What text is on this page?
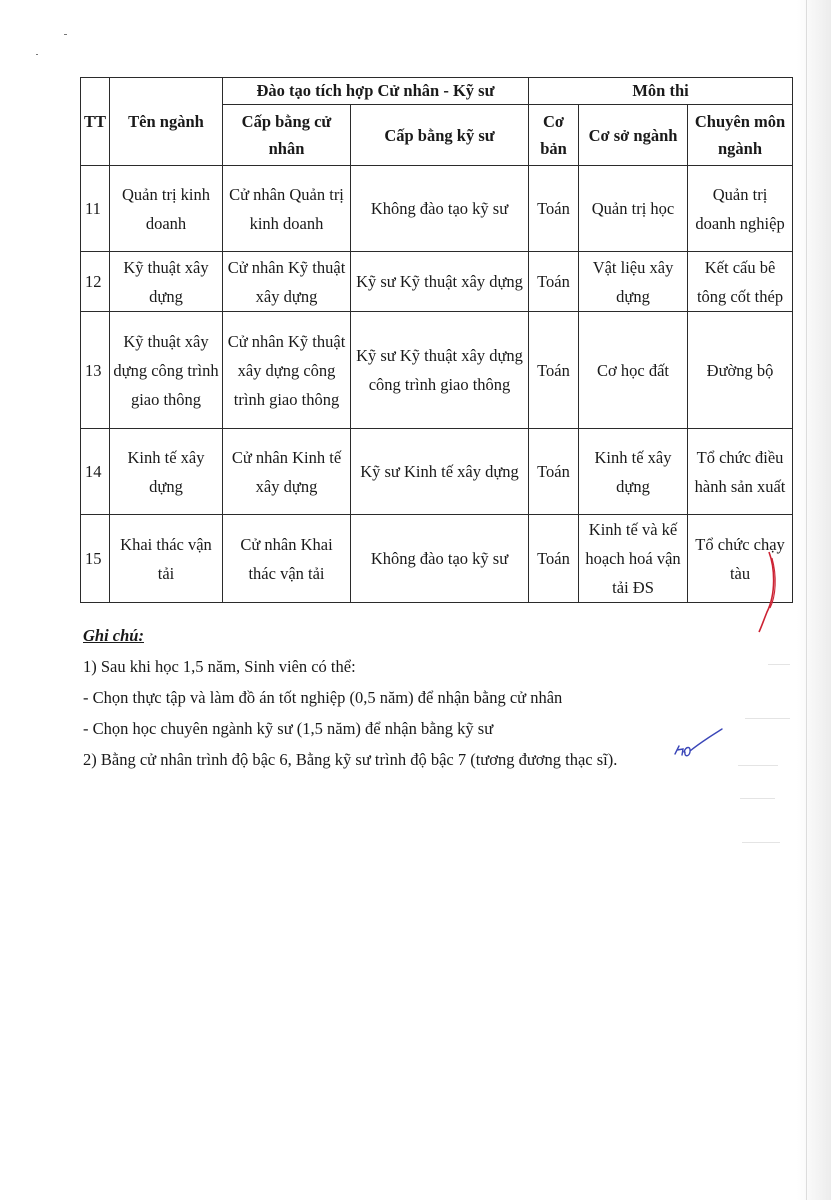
TT	Tên ngành	Đào tạo tích hợp Cử nhân - Kỹ sư		Môn thi		
		Cấp bằng cử nhân	Cấp bằng kỹ sư	Cơ bản	Cơ sở ngành	Chuyên môn ngành
11	Quản trị kinh doanh	Cử nhân Quản trị kinh doanh	Không đào tạo kỹ sư	Toán	Quản trị học	Quản trị doanh nghiệp
12	Kỹ thuật xây dựng	Cử nhân Kỹ thuật xây dựng	Kỹ sư Kỹ thuật xây dựng	Toán	Vật liệu xây dựng	Kết cấu bê tông cốt thép
13	Kỹ thuật xây dựng công trình giao thông	Cử nhân Kỹ thuật xây dựng công trình giao thông	Kỹ sư Kỹ thuật xây dựng công trình giao thông	Toán	Cơ học đất	Đường bộ
14	Kinh tế xây dựng	Cử nhân Kinh tế xây dựng	Kỹ sư Kinh tế xây dựng	Toán	Kinh tế xây dựng	Tổ chức điều hành sản xuất
15	Khai thác vận tải	Cử nhân Khai thác vận tải	Không đào tạo kỹ sư	Toán	Kinh tế và kế hoạch hoá vận tải ĐS	Tổ chức chạy tàu
Ghi chú:
1) Sau khi học 1,5 năm, Sinh viên có thể:
- Chọn thực tập và làm đồ án tốt nghiệp (0,5 năm) để nhận bằng cử nhân
- Chọn học chuyên ngành kỹ sư (1,5 năm) để nhận bằng kỹ sư
2) Bằng cử nhân trình độ bậc 6, Bằng kỹ sư trình độ bậc 7 (tương đương thạc sĩ).
